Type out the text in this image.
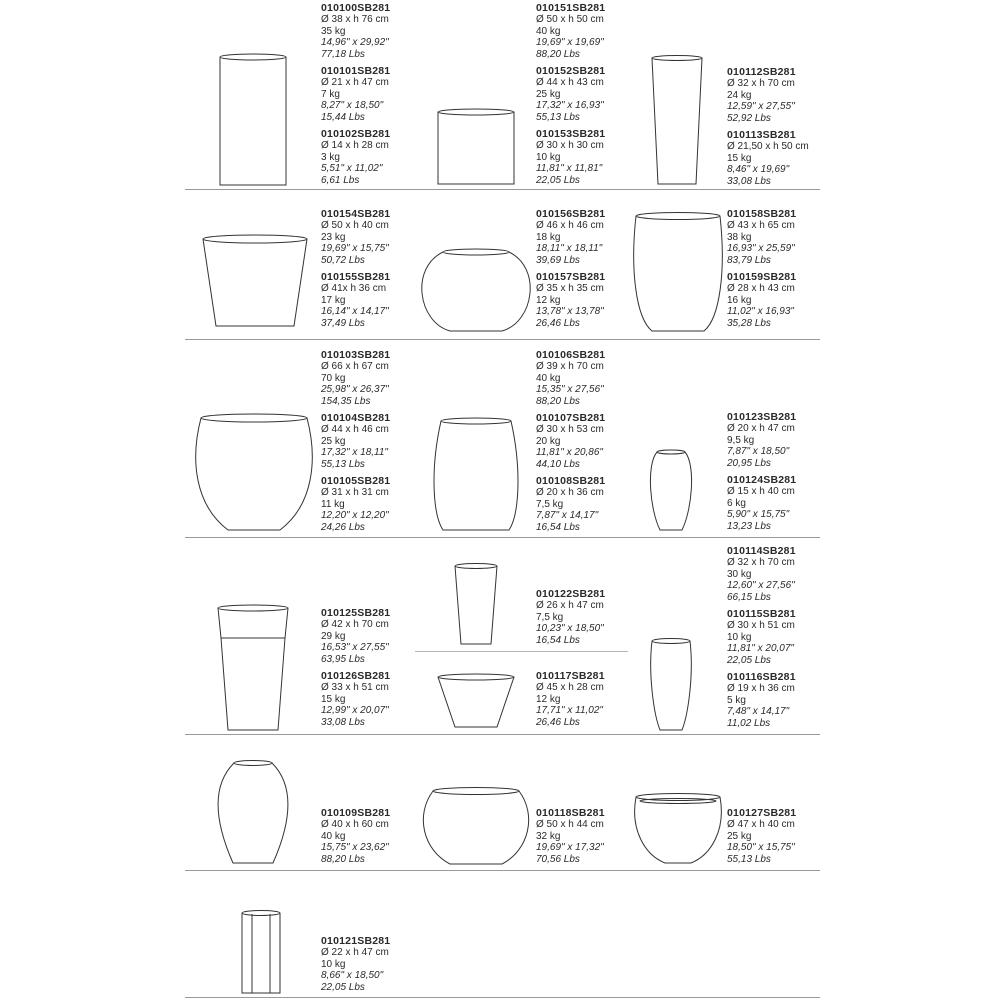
010100SB281
Ø 38 x h 76 cm
35 kg
14,96" x 29,92"
77,18 Lbs
010101SB281
Ø 21 x h 47 cm
7 kg
8,27" x 18,50"
15,44 Lbs
010102SB281
Ø 14 x h 28 cm
3 kg
5,51" x 11,02"
6,61 Lbs
010151SB281
Ø 50 x h 50 cm
40 kg
19,69" x 19,69"
88,20 Lbs
010152SB281
Ø 44 x h 43 cm
25 kg
17,32" x 16,93"
55,13 Lbs
010153SB281
Ø 30 x h 30 cm
10 kg
11,81" x 11,81"
22,05 Lbs
010112SB281
Ø 32 x h 70 cm
24 kg
12,59" x 27,55"
52,92 Lbs
010113SB281
Ø 21,50 x h 50 cm
15 kg
8,46" x 19,69"
33,08 Lbs
010154SB281
Ø 50 x h 40 cm
23 kg
19,69" x 15,75"
50,72 Lbs
010155SB281
Ø 41x h 36 cm
17 kg
16,14" x 14,17"
37,49 Lbs
010156SB281
Ø 46 x h 46 cm
18 kg
18,11" x 18,11"
39,69 Lbs
010157SB281
Ø 35 x h 35 cm
12 kg
13,78" x 13,78"
26,46 Lbs
010158SB281
Ø 43 x h 65 cm
38 kg
16,93" x 25,59"
83,79 Lbs
010159SB281
Ø 28 x h 43 cm
16 kg
11,02" x 16,93"
35,28 Lbs
010103SB281
Ø 66 x h 67 cm
70 kg
25,98" x 26,37"
154,35 Lbs
010104SB281
Ø 44 x h 46 cm
25 kg
17,32" x 18,11"
55,13 Lbs
010105SB281
Ø 31 x h 31 cm
11 kg
12,20" x 12,20"
24,26 Lbs
010106SB281
Ø 39 x h 70 cm
40 kg
15,35" x 27,56"
88,20 Lbs
010107SB281
Ø 30 x h 53 cm
20 kg
11,81" x 20,86"
44,10 Lbs
010108SB281
Ø 20 x h 36 cm
7,5 kg
7,87" x 14,17"
16,54 Lbs
010123SB281
Ø 20 x h 47 cm
9,5 kg
7,87" x 18,50"
20,95 Lbs
010124SB281
Ø 15 x h 40 cm
6 kg
5,90" x 15,75"
13,23 Lbs
010125SB281
Ø 42 x h 70 cm
29 kg
16,53" x 27,55"
63,95 Lbs
010126SB281
Ø 33 x h 51 cm
15 kg
12,99" x 20,07"
33,08 Lbs
010122SB281
Ø 26 x h 47 cm
7,5 kg
10,23" x 18,50"
16,54 Lbs
010117SB281
Ø 45 x h 28 cm
12 kg
17,71" x 11,02"
26,46 Lbs
010114SB281
Ø 32 x h 70 cm
30 kg
12,60" x 27,56"
66,15 Lbs
010115SB281
Ø 30 x h 51 cm
10 kg
11,81" x 20,07"
22,05 Lbs
010116SB281
Ø 19 x h 36 cm
5 kg
7,48" x 14,17"
11,02 Lbs
010109SB281
Ø 40 x h 60 cm
40 kg
15,75" x 23,62"
88,20 Lbs
010118SB281
Ø 50 x h 44 cm
32 kg
19,69" x 17,32"
70,56 Lbs
010127SB281
Ø 47 x h 40 cm
25 kg
18,50" x 15,75"
55,13 Lbs
010121SB281
Ø 22 x h 47 cm
10 kg
8,66" x 18,50"
22,05 Lbs
